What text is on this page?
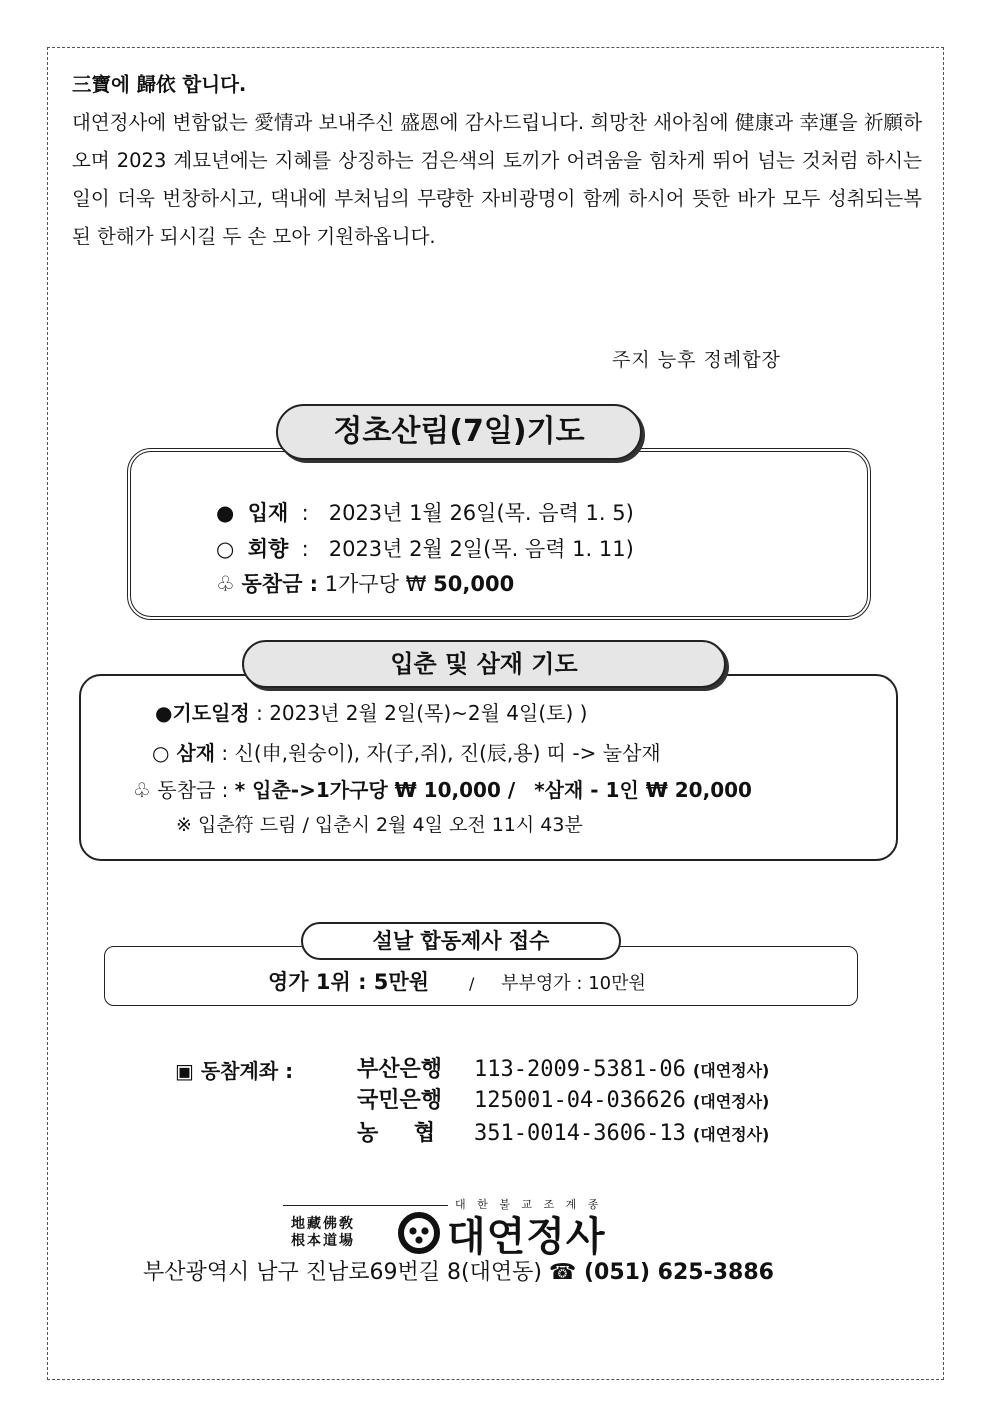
三寶에 歸依 합니다.

대연정사에 변함없는 愛情과 보내주신 盛恩에 감사드립니다. 희망찬 새아침에 健康과 幸運을 祈願하오며 2023 계묘년에는 지혜를 상징하는 검은색의 토끼가 어려움을 힘차게 뛰어 넘는 것처럼 하시는 일이 더욱 번창하시고, 댁내에 부처님의 무량한 자비광명이 함께 하시어 뜻한 바가 모두 성취되는복된 한해가 되시길 두 손 모아 기원하옵니다.

주지 능후 정례합장
정초산림(7일)기도
● 입재  :   2023년 1월 26일(목. 음력 1. 5)
○ 회향  :   2023년 2월 2일(목. 음력 1. 11)
♧ 동참금 : 1가구당 ₩ 50,000
입춘 및 삼재 기도
●기도일정 : 2023년 2월 2일(목)~2월 4일(토) )
○ 삼재 : 신(申,원숭이), 자(子,쥐), 진(辰,용) 띠 -> 눌삼재
♧ 동참금 : * 입춘->1가구당 ₩ 10,000 / *삼재 - 1인 ₩ 20,000
※ 입춘符 드림 / 입춘시 2월 4일 오전 11시 43분
설날 합동제사 접수
영가 1위 : 5만원	/ 부부영가 : 10만원
▣ 동참계좌 :	부산은행 113-2009-5381-06 (대연정사)
국민은행 125001-04-036626 (대연정사)
농 협 351-0014-3606-13 (대연정사)
대 한 불 교 조 계 종
地藏佛敎
根本道場 대연정사
부산광역시 남구 진남로69번길 8(대연동) ☎ (051) 625-3886
